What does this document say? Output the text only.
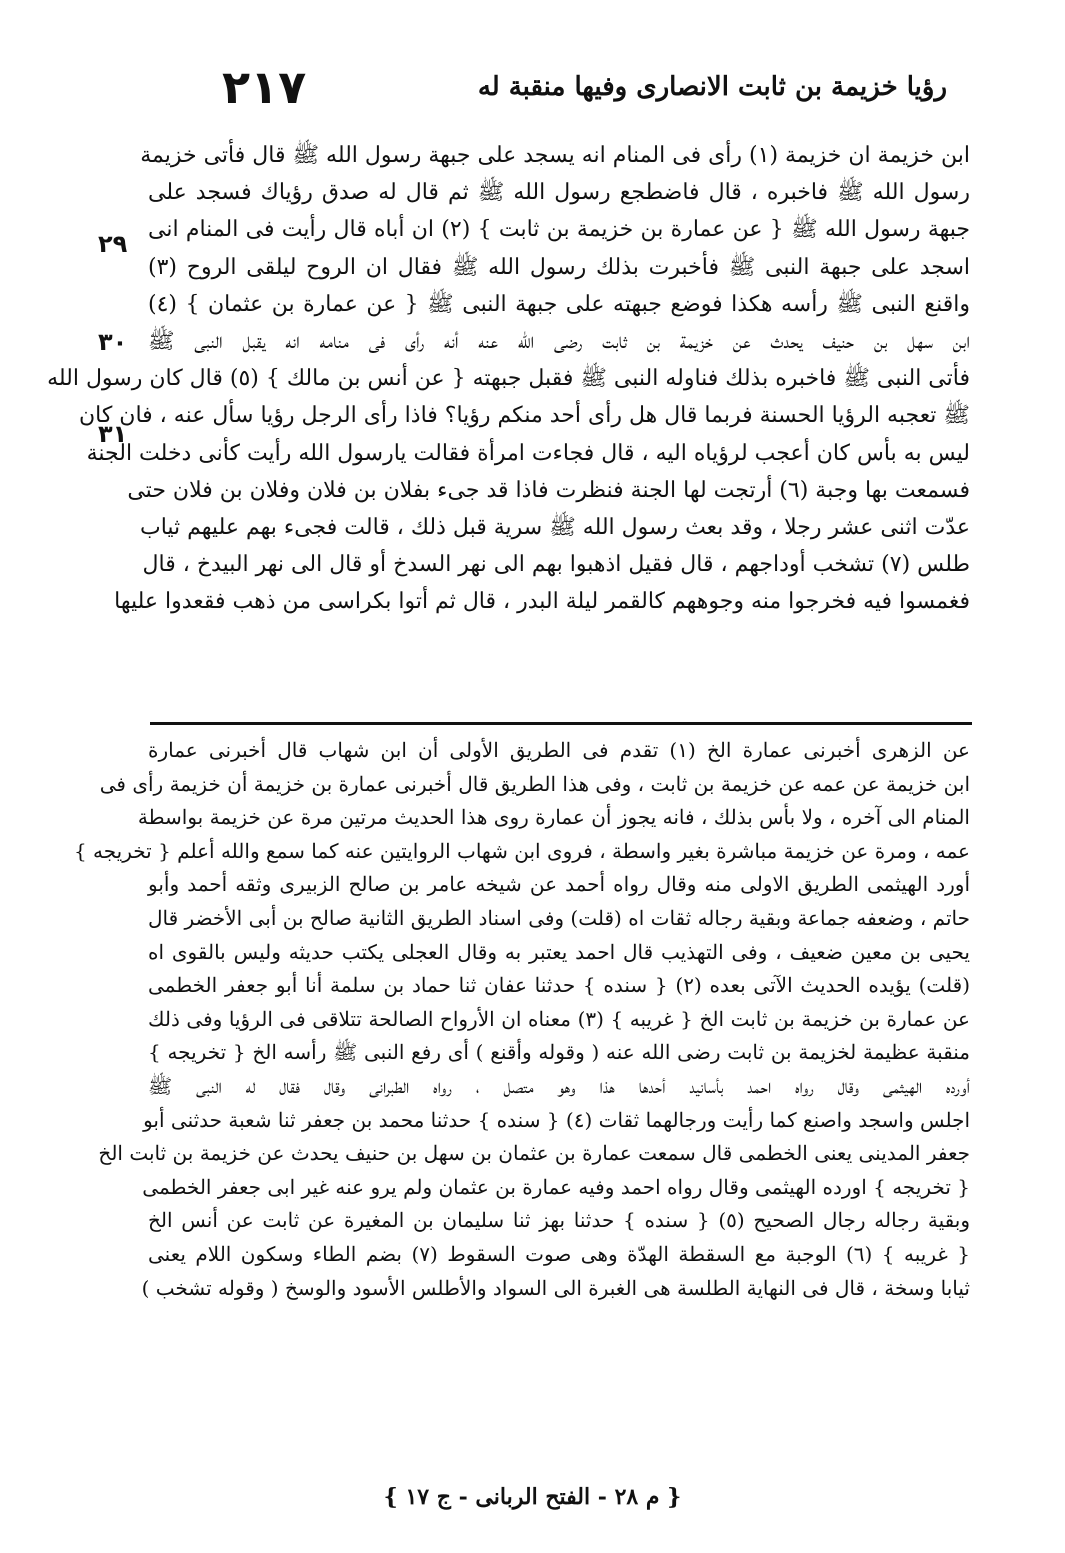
٢١٧	رؤيا خزيمة بن ثابت الانصارى وفيها منقبة له
٢٩
٣٠
٣١
ابن خزيمة ان خزيمة (١) رأى فى المنام انه يسجد على جبهة رسول الله ﷺ قال فأتى خزيمة
رسول الله ﷺ فاخبره ، قال فاضطجع رسول الله ﷺ ثم قال له صدق رؤياك فسجد على
جبهة رسول الله ﷺ { عن عمارة بن خزيمة بن ثابت } (٢) ان أباه قال رأيت فى المنام انى
اسجد على جبهة النبى ﷺ فأخبرت بذلك رسول الله ﷺ فقال ان الروح ليلقى الروح (٣)
واقنع النبى ﷺ رأسه هكذا فوضع جبهته على جبهة النبى ﷺ { عن عمارة بن عثمان } (٤)
ابن سهل بن حنيف يحدث عن خزيمة بن ثابت رضى الله عنه أنه رأى فى منامه انه يقبل النبى ﷺ
فأتى النبى ﷺ فاخبره بذلك فناوله النبى ﷺ فقبل جبهته { عن أنس بن مالك } (٥) قال كان رسول الله
ﷺ تعجبه الرؤيا الحسنة فربما قال هل رأى أحد منكم رؤيا؟ فاذا رأى الرجل رؤيا سأل عنه ، فان كان
ليس به بأس كان أعجب لرؤياه اليه ، قال فجاءت امرأة فقالت يارسول الله رأيت كأنى دخلت الجنة
فسمعت بها وجبة (٦) أرتجت لها الجنة فنظرت فاذا قد جىء بفلان بن فلان وفلان بن فلان حتى
عدّت اثنى عشر رجلا ، وقد بعث رسول الله ﷺ سرية قبل ذلك ، قالت فجىء بهم عليهم ثياب
طلس (٧) تشخب أوداجهم ، قال فقيل اذهبوا بهم الى نهر السدخ أو قال الى نهر البيدخ ، قال
فغمسوا فيه فخرجوا منه وجوههم كالقمر ليلة البدر ، قال ثم أتوا بكراسى من ذهب فقعدوا عليها
عن الزهرى أخبرنى عمارة الخ (١) تقدم فى الطريق الأولى أن ابن شهاب قال أخبرنى عمارة
ابن خزيمة عن عمه عن خزيمة بن ثابت ، وفى هذا الطريق قال أخبرنى عمارة بن خزيمة أن خزيمة رأى فى
المنام الى آخره ، ولا بأس بذلك ، فانه يجوز أن عمارة روى هذا الحديث مرتين مرة عن خزيمة بواسطة
عمه ، ومرة عن خزيمة مباشرة بغير واسطة ، فروى ابن شهاب الروايتين عنه كما سمع والله أعلم { تخريجه }
أورد الهيثمى الطريق الاولى منه وقال رواه أحمد عن شيخه عامر بن صالح الزبيرى وثقه أحمد وأبو
حاتم ، وضعفه جماعة وبقية رجاله ثقات اه (قلت) وفى اسناد الطريق الثانية صالح بن أبى الأخضر قال
يحيى بن معين ضعيف ، وفى التهذيب قال احمد يعتبر به وقال العجلى يكتب حديثه وليس بالقوى اه
(قلت) يؤيده الحديث الآتى بعده (٢) { سنده } حدثنا عفان ثنا حماد بن سلمة أنا أبو جعفر الخطمى
عن عمارة بن خزيمة بن ثابت الخ { غريبه } (٣) معناه ان الأرواح الصالحة تتلاقى فى الرؤيا وفى ذلك
منقبة عظيمة لخزيمة بن ثابت رضى الله عنه ( وقوله وأقنع ) أى رفع النبى ﷺ رأسه الخ { تخريجه }
أورده الهيثمى وقال رواه احمد بأسانيد أحدها هذا وهو متصل ، رواه الطبرانى وقال فقال له النبى ﷺ
اجلس واسجد واصنع كما رأيت ورجالهما ثقات (٤) { سنده } حدثنا محمد بن جعفر ثنا شعبة حدثنى أبو
جعفر المدينى يعنى الخطمى قال سمعت عمارة بن عثمان بن سهل بن حنيف يحدث عن خزيمة بن ثابت الخ
{ تخريجه } اورده الهيثمى وقال رواه احمد وفيه عمارة بن عثمان ولم يرو عنه غير ابى جعفر الخطمى
وبقية رجاله رجال الصحيح (٥) { سنده } حدثنا بهز ثنا سليمان بن المغيرة عن ثابت عن أنس الخ
{ غريبه } (٦) الوجبة مع السقطة الهدّة وهى صوت السقوط (٧) بضم الطاء وسكون اللام يعنى
ثيابا وسخة ، قال فى النهاية الطلسة هى الغبرة الى السواد والأطلس الأسود والوسخ ( وقوله تشخب )
{ م ٢٨ - الفتح الربانى - ج ١٧ }
